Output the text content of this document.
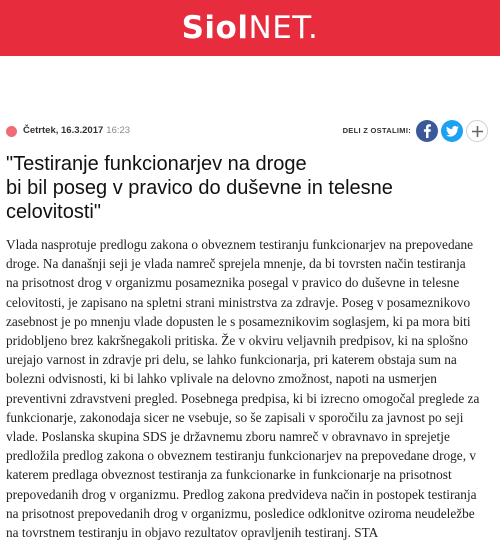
SiolNET.
Četrtek, 16.3.2017 16:23	DELI Z OSTALIMI:
"Testiranje funkcionarjev na droge
bi bil poseg v pravico do duševne in telesne
celovitosti"
Vlada nasprotuje predlogu zakona o obveznem testiranju funkcionarjev na prepovedane
droge. Na današnji seji je vlada namreč sprejela mnenje, da bi tovrsten način testiranja
na prisotnost drog v organizmu posameznika posegal v pravico do duševne in telesne
celovitosti, je zapisano na spletni strani ministrstva za zdravje. Poseg v posameznikovo
zasebnost je po mnenju vlade dopusten le s posameznikovim soglasjem, ki pa mora biti
pridobljeno brez kakršnegakoli pritiska. Že v okviru veljavnih predpisov, ki na splošno
urejajo varnost in zdravje pri delu, se lahko funkcionarja, pri katerem obstaja sum na
bolezni odvisnosti, ki bi lahko vplivale na delovno zmožnost, napoti na usmerjen
preventivni zdravstveni pregled. Posebnega predpisa, ki bi izrecno omogočal preglede za
funkcionarje, zakonodaja sicer ne vsebuje, so še zapisali v sporočilu za javnost po seji
vlade. Poslanska skupina SDS je državnemu zboru namreč v obravnavo in sprejetje
predložila predlog zakona o obveznem testiranju funkcionarjev na prepovedane droge, v
katerem predlaga obveznost testiranja za funkcionarke in funkcionarje na prisotnost
prepovedanih drog v organizmu. Predlog zakona predvideva način in postopek testiranja
na prisotnost prepovedanih drog v organizmu, posledice odklonitve oziroma neudeležbe
na tovrstnem testiranju in objavo rezultatov opravljenih testiranj. STA
